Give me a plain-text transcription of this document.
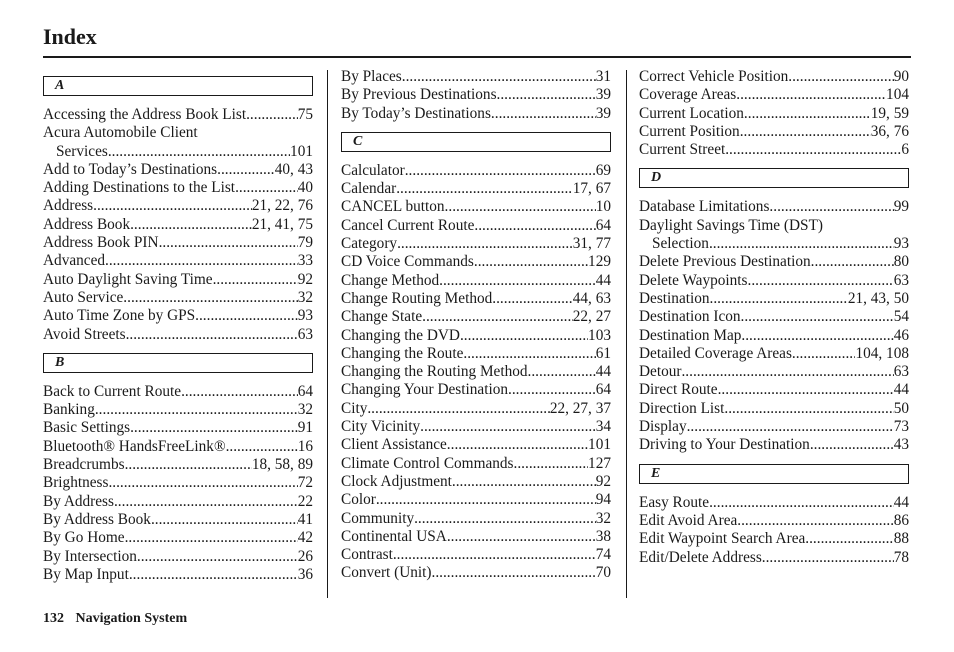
Index
A
Accessing the Address Book List .....	75
Acura Automobile Client
Services .....	101
Add to Today’s Destinations .....	40, 43
Adding Destinations to the List .....	40
Address .....	21, 22, 76
Address Book .....	21, 41, 75
Address Book PIN .....	79
Advanced .....	33
Auto Daylight Saving Time .....	92
Auto Service .....	32
Auto Time Zone by GPS .....	93
Avoid Streets .....	63
B
Back to Current Route .....	64
Banking .....	32
Basic Settings .....	91
Bluetooth® HandsFreeLink® .....	16
Breadcrumbs .....	18, 58, 89
Brightness .....	72
By Address .....	22
By Address Book .....	41
By Go Home .....	42
By Intersection .....	26
By Map Input .....	36
By Places .....	31
By Previous Destinations .....	39
By Today’s Destinations .....	39
C
Calculator .....	69
Calendar .....	17, 67
CANCEL button .....	10
Cancel Current Route .....	64
Category .....	31, 77
CD Voice Commands .....	129
Change Method .....	44
Change Routing Method .....	44, 63
Change State .....	22, 27
Changing the DVD .....	103
Changing the Route .....	61
Changing the Routing Method .....	44
Changing Your Destination .....	64
City .....	22, 27, 37
City Vicinity .....	34
Client Assistance .....	101
Climate Control Commands .....	127
Clock Adjustment .....	92
Color .....	94
Community .....	32
Continental USA .....	38
Contrast .....	74
Convert (Unit) .....	70
Correct Vehicle Position .....	90
Coverage Areas .....	104
Current Location .....	19, 59
Current Position .....	36, 76
Current Street .....	6
D
Database Limitations .....	99
Daylight Savings Time (DST)
Selection .....	93
Delete Previous Destination .....	80
Delete Waypoints .....	63
Destination .....	21, 43, 50
Destination Icon .....	54
Destination Map .....	46
Detailed Coverage Areas .....	104, 108
Detour .....	63
Direct Route .....	44
Direction List .....	50
Display .....	73
Driving to Your Destination .....	43
E
Easy Route .....	44
Edit Avoid Area .....	86
Edit Waypoint Search Area .....	88
Edit/Delete Address .....	78
132 Navigation System
